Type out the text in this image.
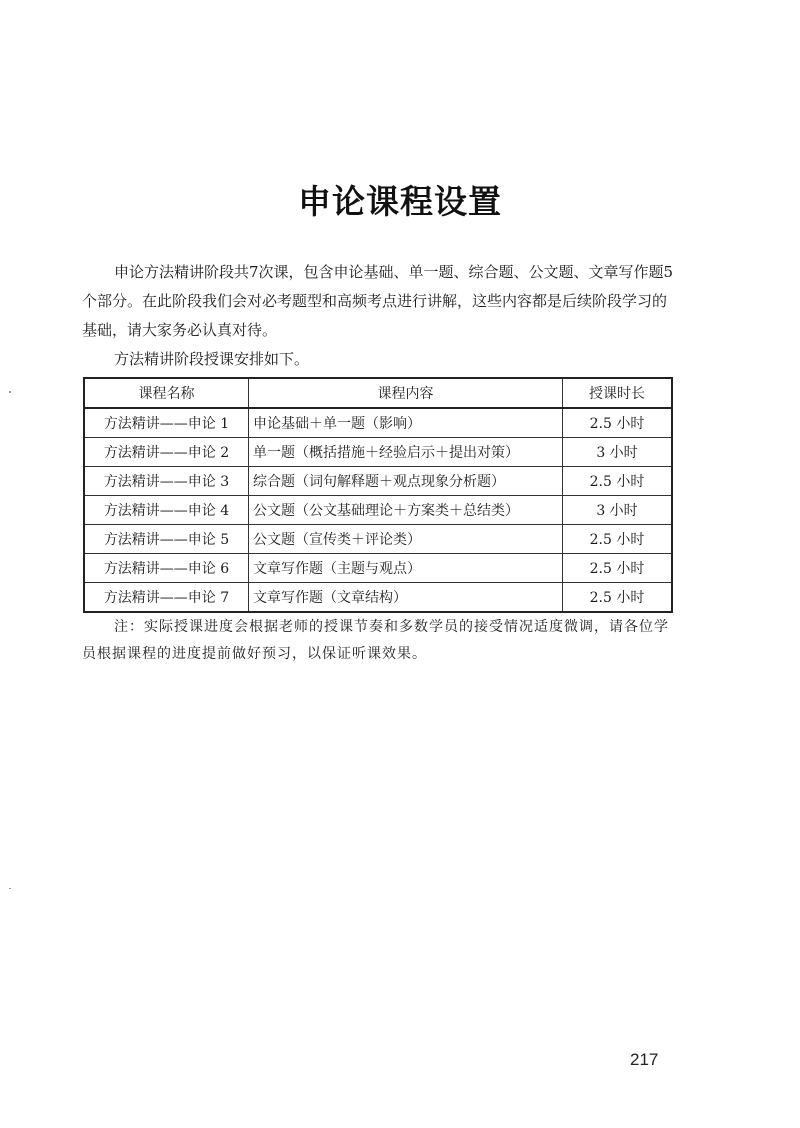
申论课程设置

申论方法精讲阶段共7次课，包含申论基础、单一题、综合题、公文题、文章写作题5个部分。在此阶段我们会对必考题型和高频考点进行讲解，这些内容都是后续阶段学习的基础，请大家务必认真对待。

方法精讲阶段授课安排如下。

课程名称	课程内容	授课时长
方法精讲——申论 1	申论基础＋单一题（影响）	2.5 小时
方法精讲——申论 2	单一题（概括措施＋经验启示＋提出对策）	3 小时
方法精讲——申论 3	综合题（词句解释题＋观点现象分析题）	2.5 小时
方法精讲——申论 4	公文题（公文基础理论＋方案类＋总结类）	3 小时
方法精讲——申论 5	公文题（宣传类＋评论类）	2.5 小时
方法精讲——申论 6	文章写作题（主题与观点）	2.5 小时
方法精讲——申论 7	文章写作题（文章结构）	2.5 小时

注：实际授课进度会根据老师的授课节奏和多数学员的接受情况适度微调，请各位学员根据课程的进度提前做好预习，以保证听课效果。

217
